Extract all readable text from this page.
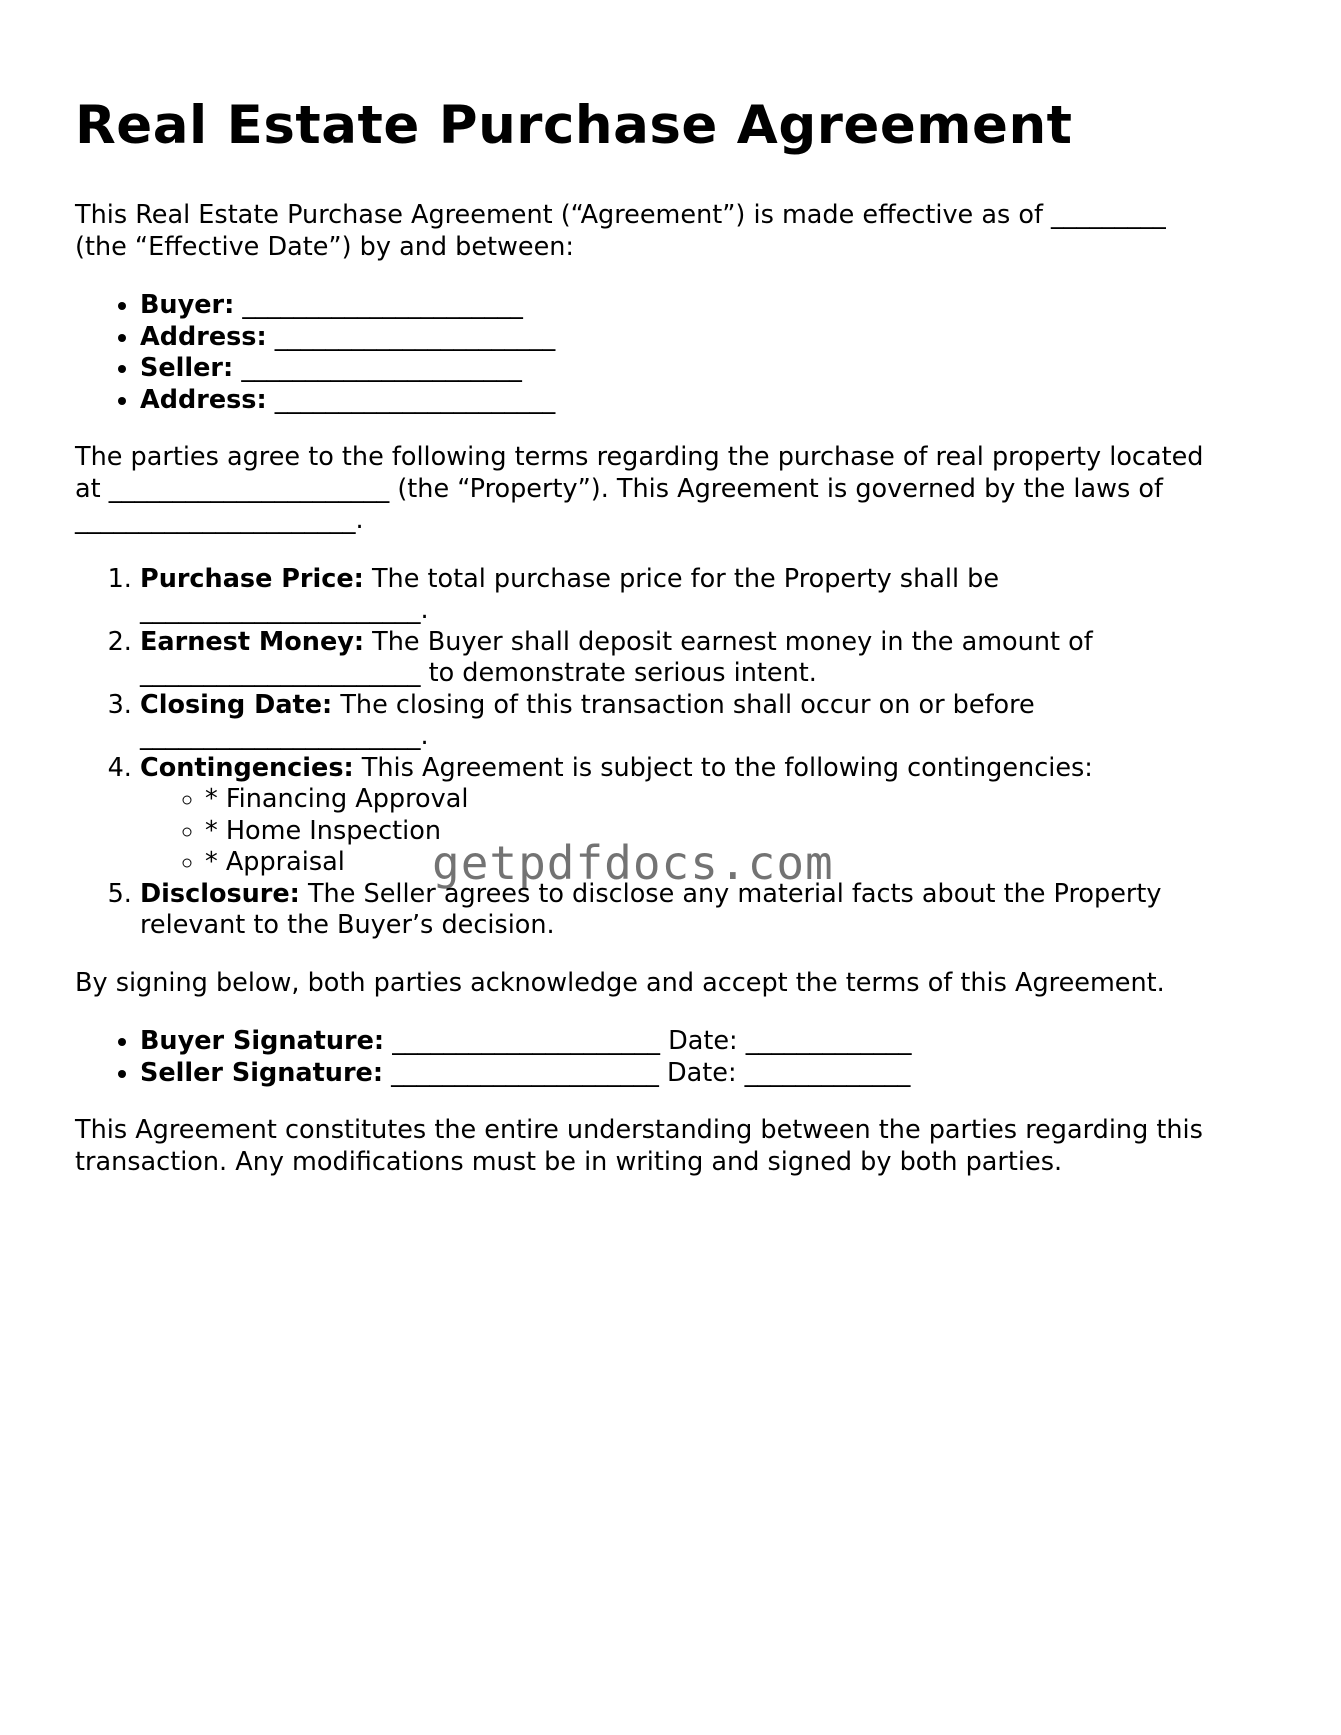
Real Estate Purchase Agreement

This Real Estate Purchase Agreement (“Agreement”) is made effective as of _________
(the “Effective Date”) by and between:

• Buyer: ______________________
• Address: ______________________
• Seller: ______________________
• Address: ______________________

The parties agree to the following terms regarding the purchase of real property located
at ______________________ (the “Property”). This Agreement is governed by the laws of
______________________.

1. Purchase Price: The total purchase price for the Property shall be
______________________.
2. Earnest Money: The Buyer shall deposit earnest money in the amount of
______________________ to demonstrate serious intent.
3. Closing Date: The closing of this transaction shall occur on or before
______________________.
4. Contingencies: This Agreement is subject to the following contingencies:
◦ * Financing Approval
◦ * Home Inspection
◦ * Appraisal
5. Disclosure: The Seller agrees to disclose any material facts about the Property
relevant to the Buyer’s decision.

By signing below, both parties acknowledge and accept the terms of this Agreement.

• Buyer Signature: _____________________ Date: _____________
• Seller Signature: _____________________ Date: _____________

This Agreement constitutes the entire understanding between the parties regarding this
transaction. Any modifications must be in writing and signed by both parties.

getpdfdocs.com
